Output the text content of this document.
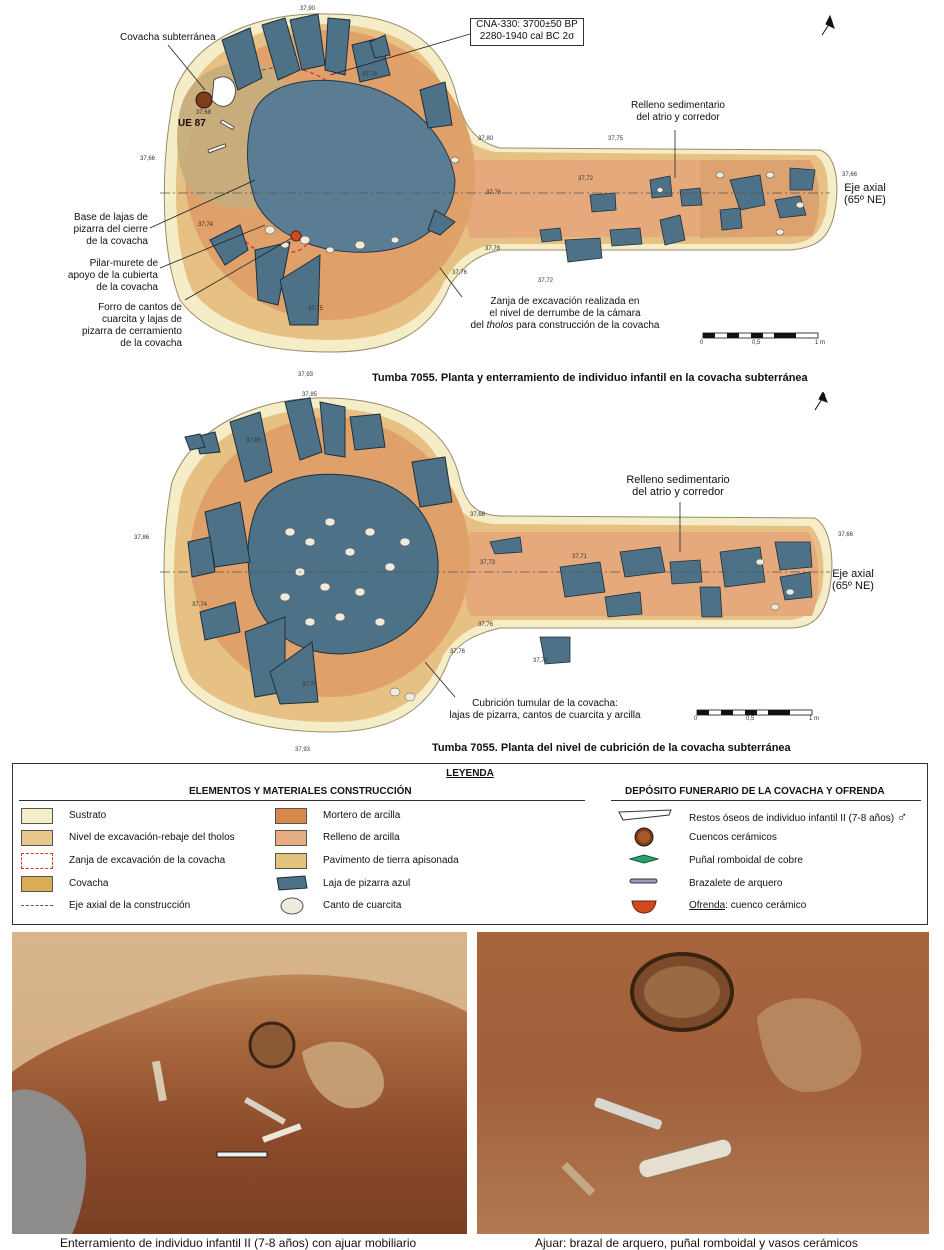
Covacha subterránea
UE 87
CNA-330: 3700±50 BP
2280-1940 cal BC 2σ
Relleno sedimentario
del atrio y corredor
Eje axial
(65º NE)
Base de lajas de
pizarra del cierre
de la covacha
Pilar-murete de
apoyo de la cubierta
de la covacha
Forro de cantos de
cuarcita y lajas de
pizarra de cerramiento
de la covacha
Zanja de excavación realizada en
el nivel de derrumbe de la cámara
del tholos para construcción de la covacha
0	0,5	1 m
Tumba 7055. Planta y enterramiento de individuo infantil en la covacha subterránea
37,90
37,68
37,78
37,66
37,75
37,66
37,74
37,72
37,76
37,75
37,93
37,72
37,76
37,80
37,78
Relleno sedimentario
del atrio y corredor
Eje axial
(65º NE)
Cubrición tumular de la covacha:
lajas de pizarra, cantos de cuarcita y arcilla	0	0,5	1 m
Tumba 7055. Planta del nivel de cubrición de la covacha subterránea
37,85
37,93
37,86
37,74
37,76
37,75
37,68
37,73
37,72
37,76
37,95
37,66
37,71
LEYENDA
ELEMENTOS Y MATERIALES CONSTRUCCIÓN	DEPÓSITO FUNERARIO DE LA COVACHA Y OFRENDA
Sustrato
Nivel de excavación-rebaje del tholos
Zanja de excavación de la covacha
Covacha
Eje axial de la construcción
Mortero de arcilla
Relleno de arcilla
Pavimento de tierra apisonada
Laja de pizarra azul
Canto de cuarcita
Restos óseos de individuo infantil II (7-8 años) ♂
Cuencos cerámicos
Puñal romboidal de cobre
Brazalete de arquero
Ofrenda: cuenco cerámico
Enterramiento de individuo infantil II (7-8 años) con ajuar mobiliario	Ajuar: brazal de arquero, puñal romboidal y vasos cerámicos
